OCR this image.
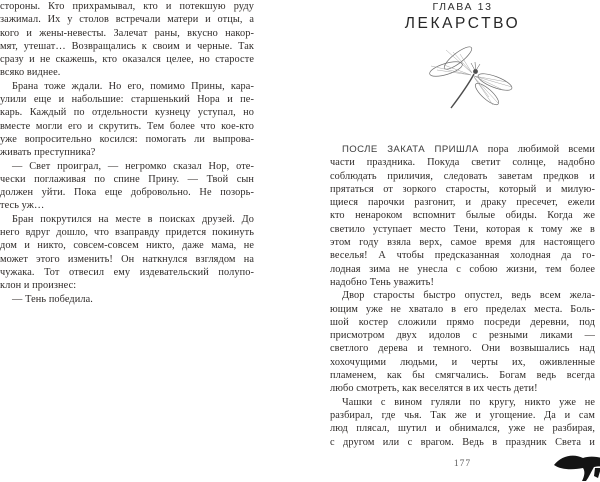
стороны. Кто прихрамывал, кто и потекшую руду
зажимал. Их у столов встречали матери и отцы, а
кого и жены-невесты. Залечат раны, вкусно накор-
мят, утешат… Возвращались к своим и черные. Так
сразу и не скажешь, кто оказался целее, но старосте
всяко виднее.
Брана тоже ждали. Но его, помимо Прины, кара-
улили еще и набольшие: старшенький Нора и пе-
карь. Каждый по отдельности кузнецу уступал, но
вместе могли его и скрутить. Тем более что кое-кто
уже вопросительно косился: помогать ли выпрова-
живать преступника?
— Свет проиграл, — негромко сказал Нор, оте-
чески поглаживая по спине Прину. — Твой сын
должен уйти. Пока еще добровольно. Не позорь-
тесь уж…
Бран покрутился на месте в поисках друзей. До
него вдруг дошло, что взаправду придется покинуть
дом и никто, совсем-совсем никто, даже мама, не
может этого изменить! Он наткнулся взглядом на
чужака. Тот отвесил ему издевательский полупо-
клон и произнес:
— Тень победила.
ГЛАВА 13
ЛЕКАРСТВО
ПОСЛЕ ЗАКАТА ПРИШЛА пора любимой всеми
части праздника. Покуда светит солнце, надобно
соблюдать приличия, следовать заветам предков и
прятаться от зоркого старосты, который и милую-
щиеся парочки разгонит, и драку пресечет, ежели
кто ненароком вспомнит былые обиды. Когда же
светило уступает место Тени, которая к тому же в
этом году взяла верх, самое время для настоящего
веселья! А чтобы предсказанная холодная да го-
лодная зима не унесла с собою жизни, тем более
надобно Тень уважить!
Двор старосты быстро опустел, ведь всем жела-
ющим уже не хватало в его пределах места. Боль-
шой костер сложили прямо посреди деревни, под
присмотром двух идолов с резными ликами —
светлого дерева и темного. Они возвышались над
хохочущими людьми, и черты их, оживленные
пламенем, как бы смягчались. Богам ведь всегда
любо смотреть, как веселятся в их честь дети!
Чашки с вином гуляли по кругу, никто уже не
разбирал, где чья. Так же и угощение. Да и сам
люд плясал, шутил и обнимался, уже не разбирая,
с другом или с врагом. Ведь в праздник Света и
177
